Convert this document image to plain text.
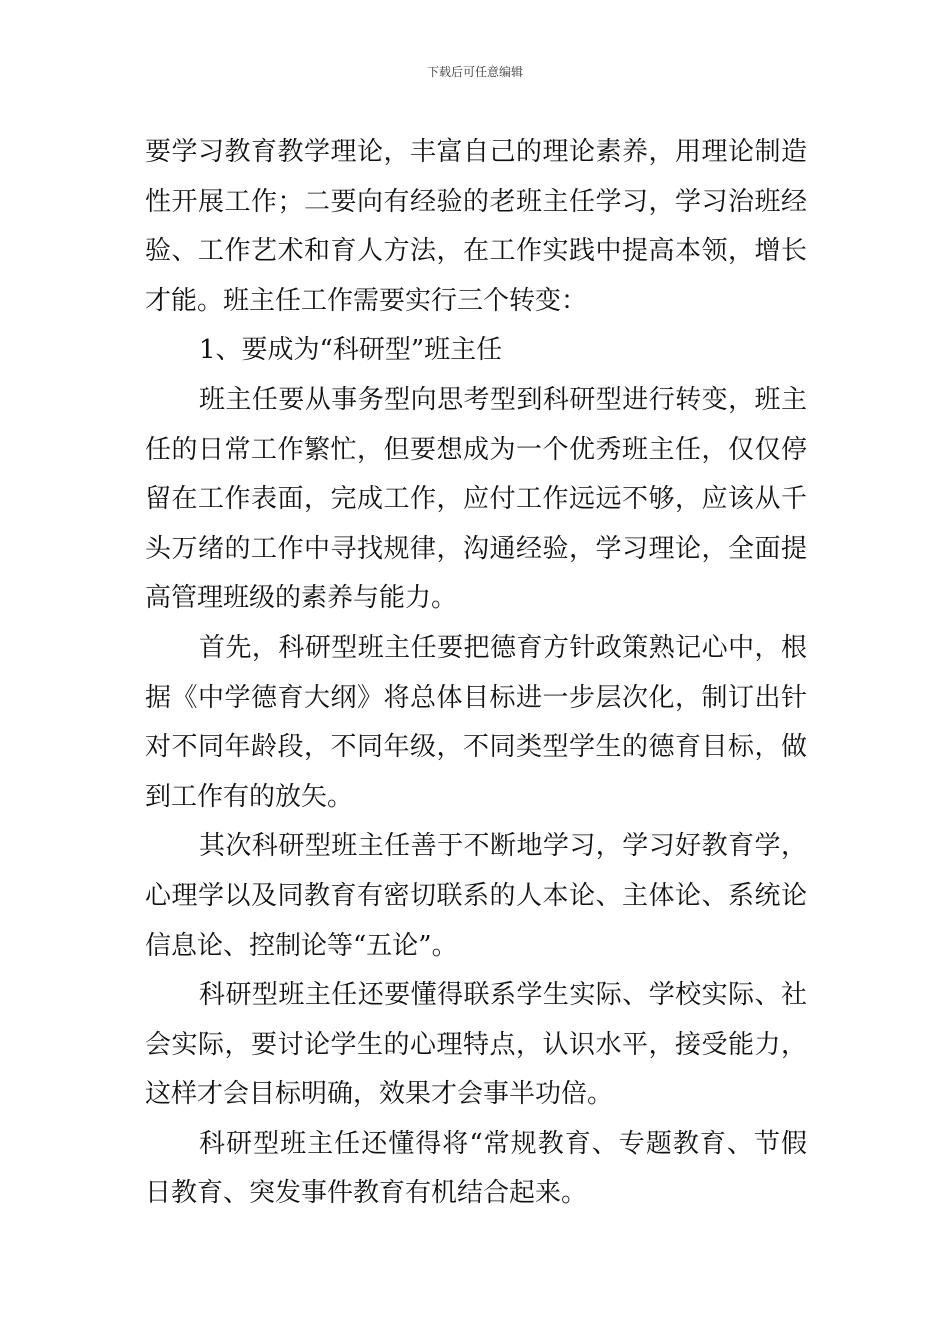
下载后可任意编辑

要学习教育教学理论，丰富自己的理论素养，用理论制造性开展工作；二要向有经验的老班主任学习，学习治班经验、工作艺术和育人方法，在工作实践中提高本领，增长才能。班主任工作需要实行三个转变：

1、要成为“科研型”班主任

班主任要从事务型向思考型到科研型进行转变，班主任的日常工作繁忙，但要想成为一个优秀班主任，仅仅停留在工作表面，完成工作，应付工作远远不够，应该从千头万绪的工作中寻找规律，沟通经验，学习理论，全面提高管理班级的素养与能力。

首先，科研型班主任要把德育方针政策熟记心中，根据《中学德育大纲》将总体目标进一步层次化，制订出针对不同年龄段，不同年级，不同类型学生的德育目标，做到工作有的放矢。

其次科研型班主任善于不断地学习，学习好教育学，心理学以及同教育有密切联系的人本论、主体论、系统论信息论、控制论等“五论”。

科研型班主任还要懂得联系学生实际、学校实际、社会实际，要讨论学生的心理特点，认识水平，接受能力，这样才会目标明确，效果才会事半功倍。

科研型班主任还懂得将“常规教育、专题教育、节假日教育、突发事件教育有机结合起来。
